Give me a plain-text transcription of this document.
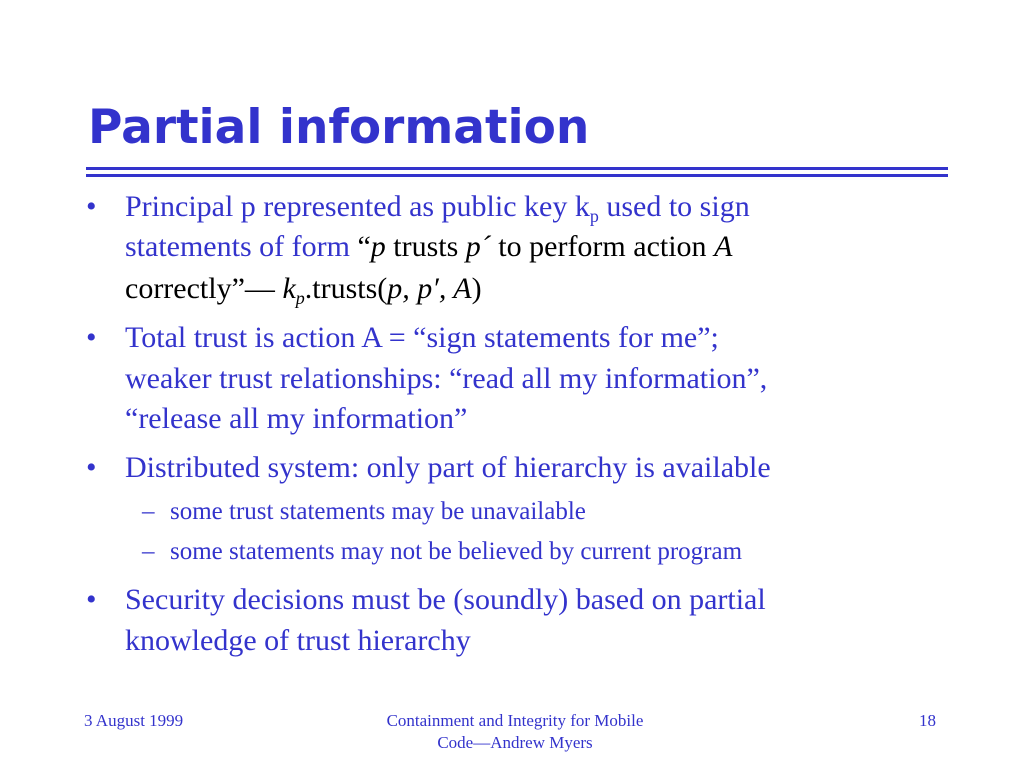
Partial information
• Principal p represented as public key $k_p$ used to sign
statements of form “p trusts p´ to perform action A
correctly”— $k_p.trusts(p$, p′, A)
• Total trust is action A = “sign statements for me”;
weaker trust relationships: “read all my information”,
“release all my information”
• Distributed system: only part of hierarchy is available
– some trust statements may be unavailable
– some statements may not be believed by current program
• Security decisions must be (soundly) based on partial
knowledge of trust hierarchy
3 August 1999	Containment and Integrity for Mobile
Code—Andrew Myers
18
